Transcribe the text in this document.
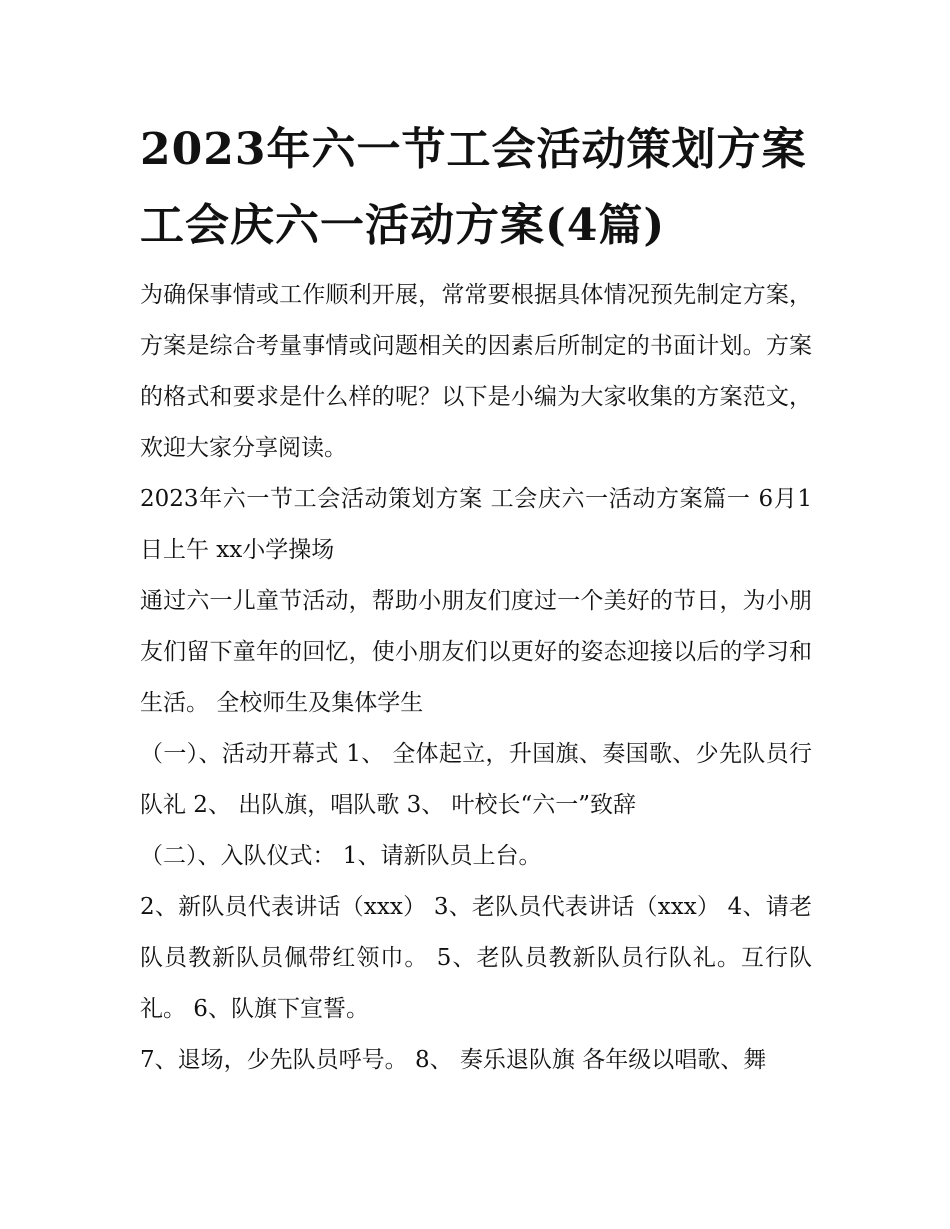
2023年六一节工会活动策划方案 工会庆六一活动方案(4篇)

为确保事情或工作顺利开展，常常要根据具体情况预先制定方案，方案是综合考量事情或问题相关的因素后所制定的书面计划。方案的格式和要求是什么样的呢？以下是小编为大家收集的方案范文，欢迎大家分享阅读。

2023年六一节工会活动策划方案 工会庆六一活动方案篇一 6月1日上午 xx小学操场

通过六一儿童节活动，帮助小朋友们度过一个美好的节日，为小朋友们留下童年的回忆，使小朋友们以更好的姿态迎接以后的学习和生活。 全校师生及集体学生

（一）、活动开幕式 1、 全体起立，升国旗、奏国歌、少先队员行队礼 2、 出队旗，唱队歌 3、 叶校长“六一”致辞

（二）、入队仪式： 1、请新队员上台。

2、新队员代表讲话（xxx） 3、老队员代表讲话（xxx） 4、请老队员教新队员佩带红领巾。 5、老队员教新队员行队礼。互行队礼。 6、队旗下宣誓。

7、退场，少先队员呼号。 8、 奏乐退队旗 各年级以唱歌、舞
